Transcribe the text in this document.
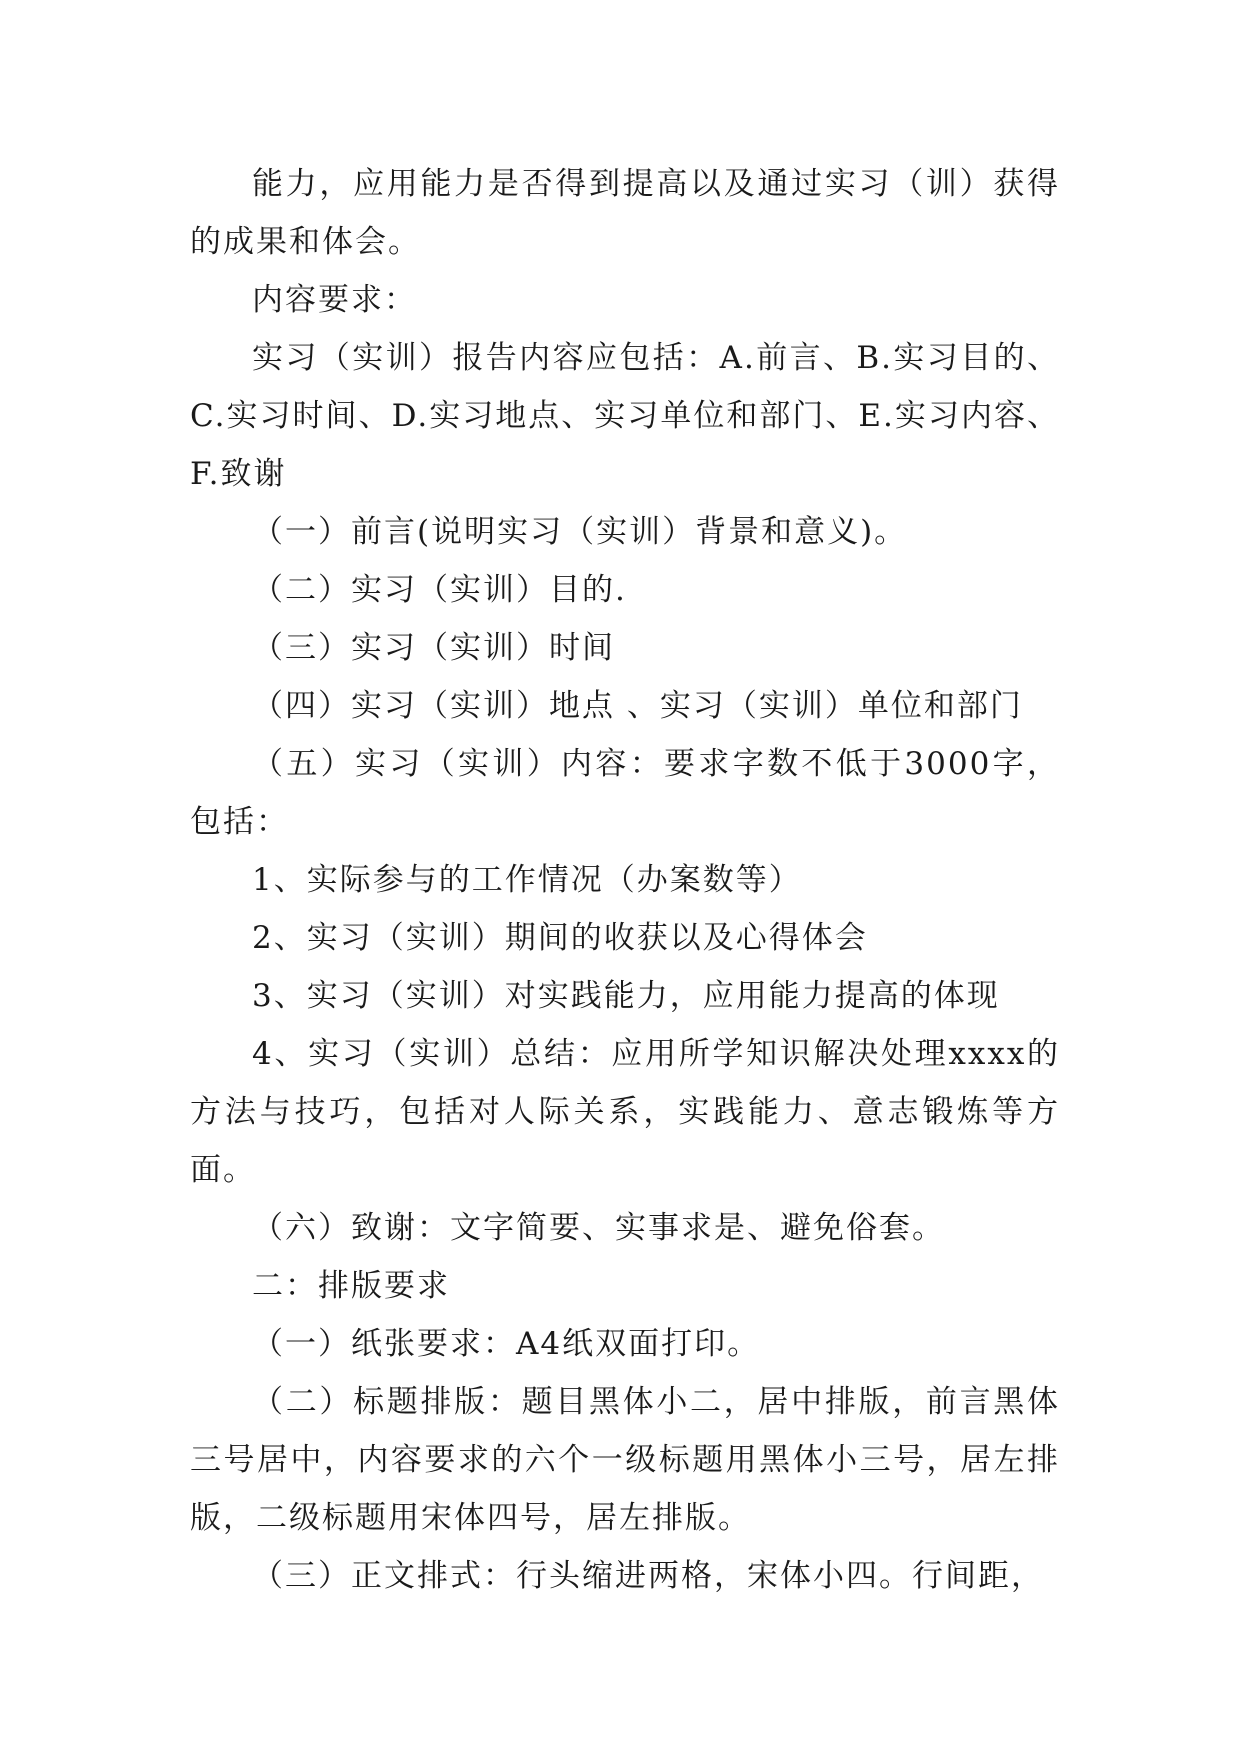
能力，应用能力是否得到提高以及通过实习（训）获得的成果和体会。

内容要求：

实习（实训）报告内容应包括：A.前言、B.实习目的、C.实习时间、D.实习地点、实习单位和部门、E.实习内容、F.致谢

（一）前言(说明实习（实训）背景和意义)。

（二）实习（实训）目的.

（三）实习（实训）时间

（四）实习（实训）地点 、实习（实训）单位和部门

（五）实习（实训）内容：要求字数不低于3000字，包括：

1、实际参与的工作情况（办案数等）

2、实习（实训）期间的收获以及心得体会

3、实习（实训）对实践能力，应用能力提高的体现

4、实习（实训）总结：应用所学知识解决处理xxxx的方法与技巧，包括对人际关系，实践能力、意志锻炼等方面。

（六）致谢：文字简要、实事求是、避免俗套。

二：排版要求

（一）纸张要求：A4纸双面打印。

（二）标题排版：题目黑体小二，居中排版，前言黑体三号居中，内容要求的六个一级标题用黑体小三号，居左排版，二级标题用宋体四号，居左排版。

（三）正文排式：行头缩进两格，宋体小四。行间距，
